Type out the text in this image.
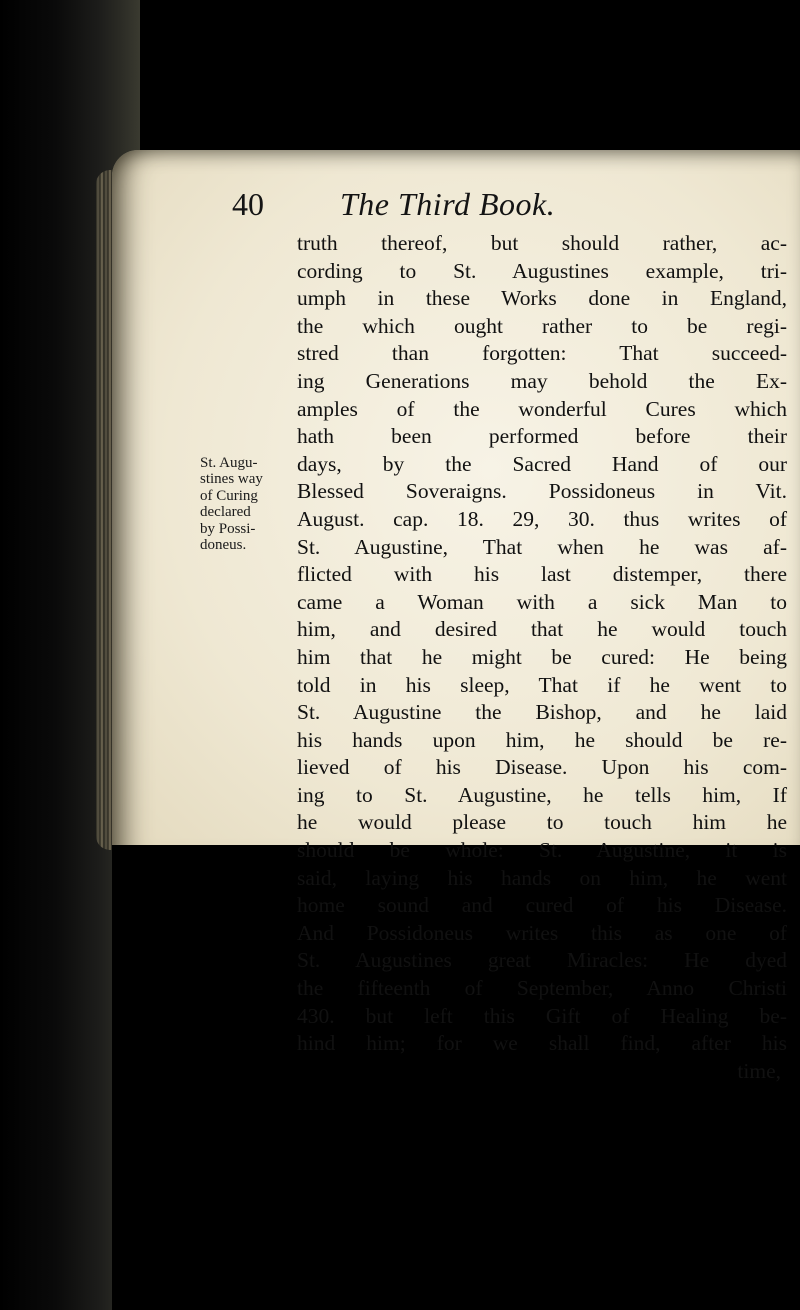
40 The Third Book.
St. Augu-
stines way
of Curing
declared
by Possi-
doneus.
truth thereof, but should rather, ac-
cording to St. Augustines example, tri-
umph in these Works done in England,
the which ought rather to be regi-
stred than forgotten: That succeed-
ing Generations may behold the Ex-
amples of the wonderful Cures which
hath been performed before their
days, by the Sacred Hand of our
Blessed Soveraigns. Possidoneus in Vit.
August. cap. 18. 29, 30. thus writes of
St. Augustine, That when he was af-
flicted with his last distemper, there
came a Woman with a sick Man to
him, and desired that he would touch
him that he might be cured: He being
told in his sleep, That if he went to
St. Augustine the Bishop, and he laid
his hands upon him, he should be re-
lieved of his Disease. Upon his com-
ing to St. Augustine, he tells him, If
he would please to touch him he
should be whole: St. Augustine, it is
said, laying his hands on him, he went
home sound and cured of his Disease.
And Possidoneus writes this as one of
St. Augustines great Miracles: He dyed
the fifteenth of September, Anno Christi
430. but left this Gift of Healing be-
hind him; for we shall find, after his
time,
